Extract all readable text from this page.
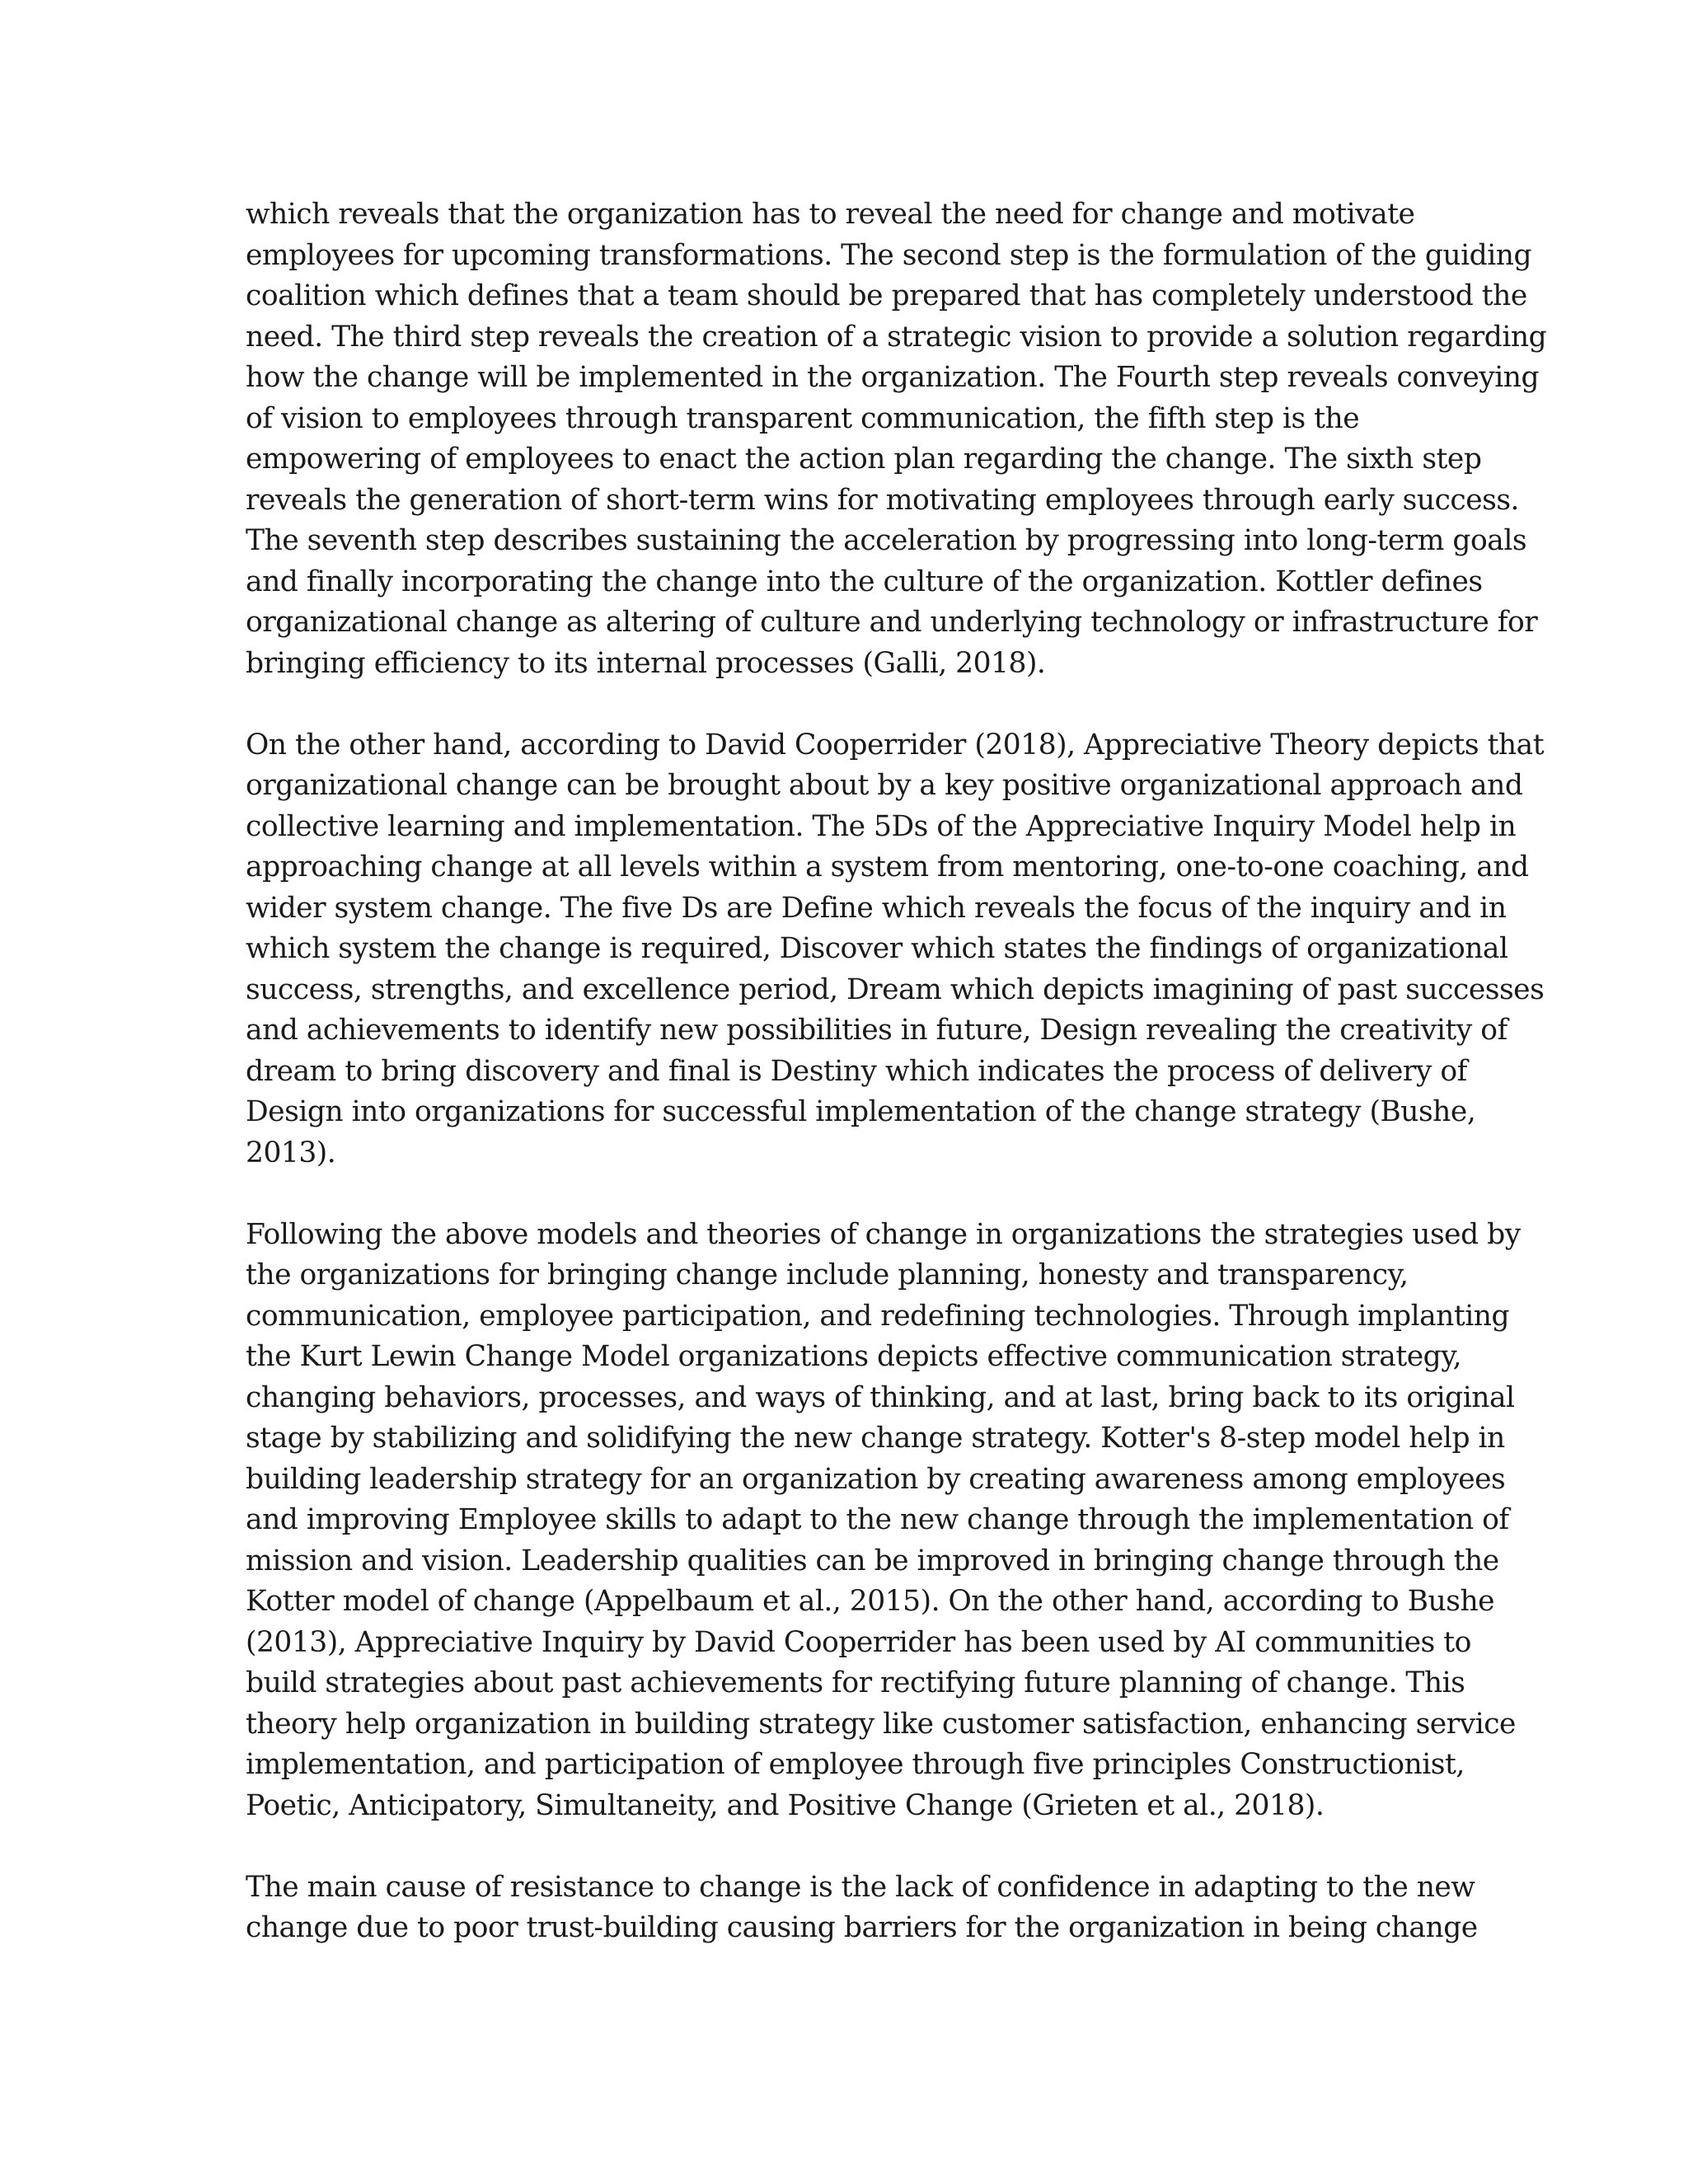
which reveals that the organization has to reveal the need for change and motivate
employees for upcoming transformations. The second step is the formulation of the guiding
coalition which defines that a team should be prepared that has completely understood the
need. The third step reveals the creation of a strategic vision to provide a solution regarding
how the change will be implemented in the organization. The Fourth step reveals conveying
of vision to employees through transparent communication, the fifth step is the
empowering of employees to enact the action plan regarding the change. The sixth step
reveals the generation of short-term wins for motivating employees through early success.
The seventh step describes sustaining the acceleration by progressing into long-term goals
and finally incorporating the change into the culture of the organization. Kottler defines
organizational change as altering of culture and underlying technology or infrastructure for
bringing efficiency to its internal processes (Galli, 2018).

On the other hand, according to David Cooperrider (2018), Appreciative Theory depicts that
organizational change can be brought about by a key positive organizational approach and
collective learning and implementation. The 5Ds of the Appreciative Inquiry Model help in
approaching change at all levels within a system from mentoring, one-to-one coaching, and
wider system change. The five Ds are Define which reveals the focus of the inquiry and in
which system the change is required, Discover which states the findings of organizational
success, strengths, and excellence period, Dream which depicts imagining of past successes
and achievements to identify new possibilities in future, Design revealing the creativity of
dream to bring discovery and final is Destiny which indicates the process of delivery of
Design into organizations for successful implementation of the change strategy (Bushe,
2013).

Following the above models and theories of change in organizations the strategies used by
the organizations for bringing change include planning, honesty and transparency,
communication, employee participation, and redefining technologies. Through implanting
the Kurt Lewin Change Model organizations depicts effective communication strategy,
changing behaviors, processes, and ways of thinking, and at last, bring back to its original
stage by stabilizing and solidifying the new change strategy. Kotter's 8-step model help in
building leadership strategy for an organization by creating awareness among employees
and improving Employee skills to adapt to the new change through the implementation of
mission and vision. Leadership qualities can be improved in bringing change through the
Kotter model of change (Appelbaum et al., 2015). On the other hand, according to Bushe
(2013), Appreciative Inquiry by David Cooperrider has been used by AI communities to
build strategies about past achievements for rectifying future planning of change. This
theory help organization in building strategy like customer satisfaction, enhancing service
implementation, and participation of employee through five principles Constructionist,
Poetic, Anticipatory, Simultaneity, and Positive Change (Grieten et al., 2018).

The main cause of resistance to change is the lack of confidence in adapting to the new
change due to poor trust-building causing barriers for the organization in being change
